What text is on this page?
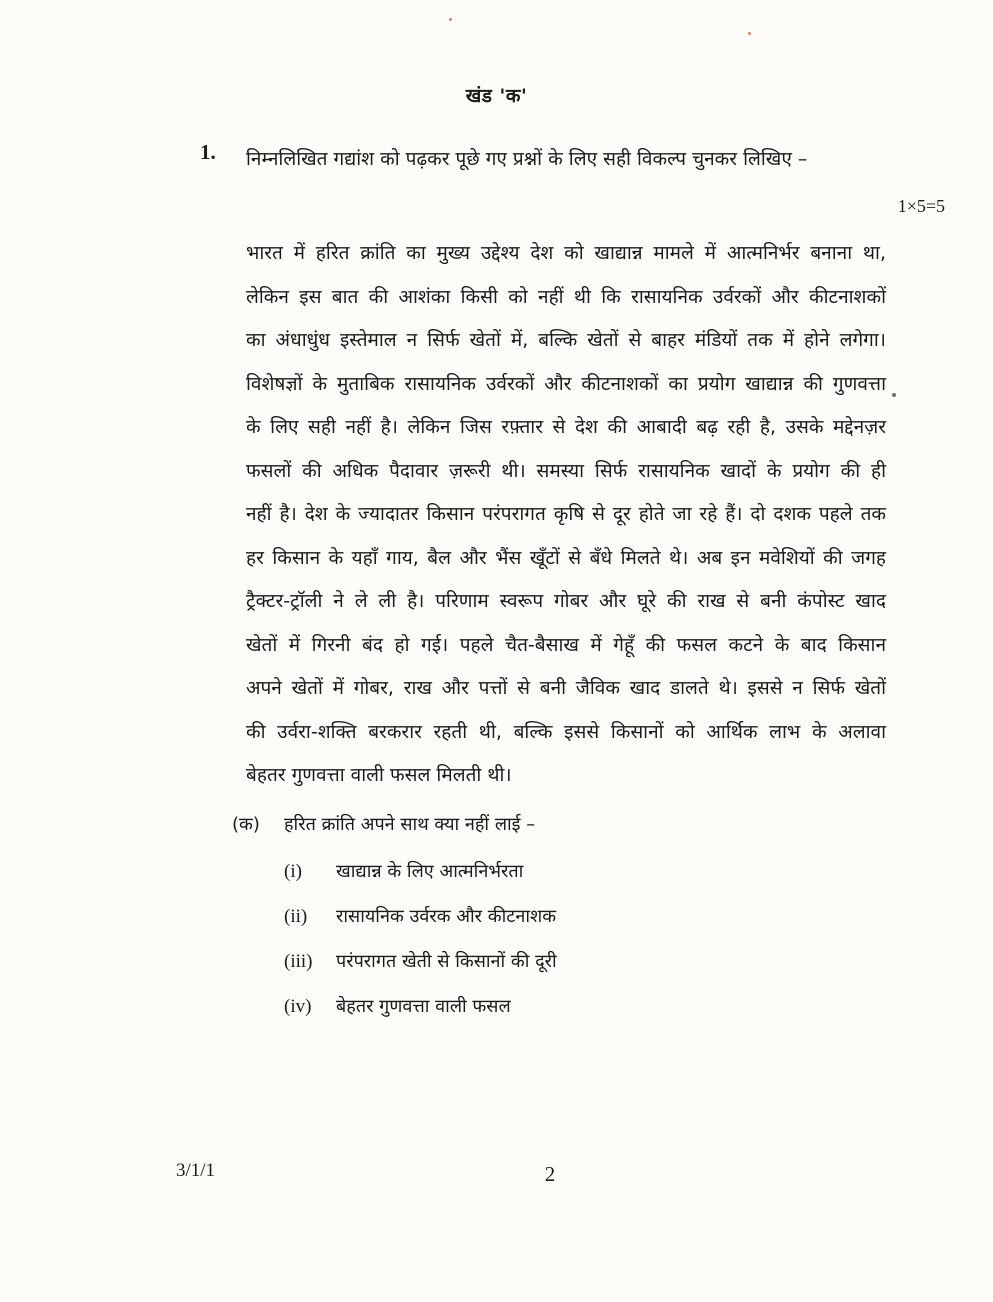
खंड 'क'
1. निम्नलिखित गद्यांश को पढ़कर पूछे गए प्रश्नों के लिए सही विकल्प चुनकर लिखिए –
1×5=5
भारत में हरित क्रांति का मुख्य उद्देश्य देश को खाद्यान्न मामले में आत्मनिर्भर बनाना था,
लेकिन इस बात की आशंका किसी को नहीं थी कि रासायनिक उर्वरकों और कीटनाशकों
का अंधाधुंध इस्तेमाल न सिर्फ खेतों में, बल्कि खेतों से बाहर मंडियों तक में होने लगेगा।
विशेषज्ञों के मुताबिक रासायनिक उर्वरकों और कीटनाशकों का प्रयोग खाद्यान्न की गुणवत्ता
के लिए सही नहीं है। लेकिन जिस रफ़्तार से देश की आबादी बढ़ रही है, उसके मद्देनज़र
फसलों की अधिक पैदावार ज़रूरी थी। समस्या सिर्फ रासायनिक खादों के प्रयोग की ही
नहीं है। देश के ज्यादातर किसान परंपरागत कृषि से दूर होते जा रहे हैं। दो दशक पहले तक
हर किसान के यहाँ गाय, बैल और भैंस खूँटों से बँधे मिलते थे। अब इन मवेशियों की जगह
ट्रैक्टर-ट्रॉली ने ले ली है। परिणाम स्वरूप गोबर और घूरे की राख से बनी कंपोस्ट खाद
खेतों में गिरनी बंद हो गई। पहले चैत-बैसाख में गेहूँ की फसल कटने के बाद किसान
अपने खेतों में गोबर, राख और पत्तों से बनी जैविक खाद डालते थे। इससे न सिर्फ खेतों
की उर्वरा-शक्ति बरकरार रहती थी, बल्कि इससे किसानों को आर्थिक लाभ के अलावा
बेहतर गुणवत्ता वाली फसल मिलती थी।
(क) हरित क्रांति अपने साथ क्या नहीं लाई –
(i) खाद्यान्न के लिए आत्मनिर्भरता
(ii) रासायनिक उर्वरक और कीटनाशक
(iii) परंपरागत खेती से किसानों की दूरी
(iv) बेहतर गुणवत्ता वाली फसल
3/1/1	2
